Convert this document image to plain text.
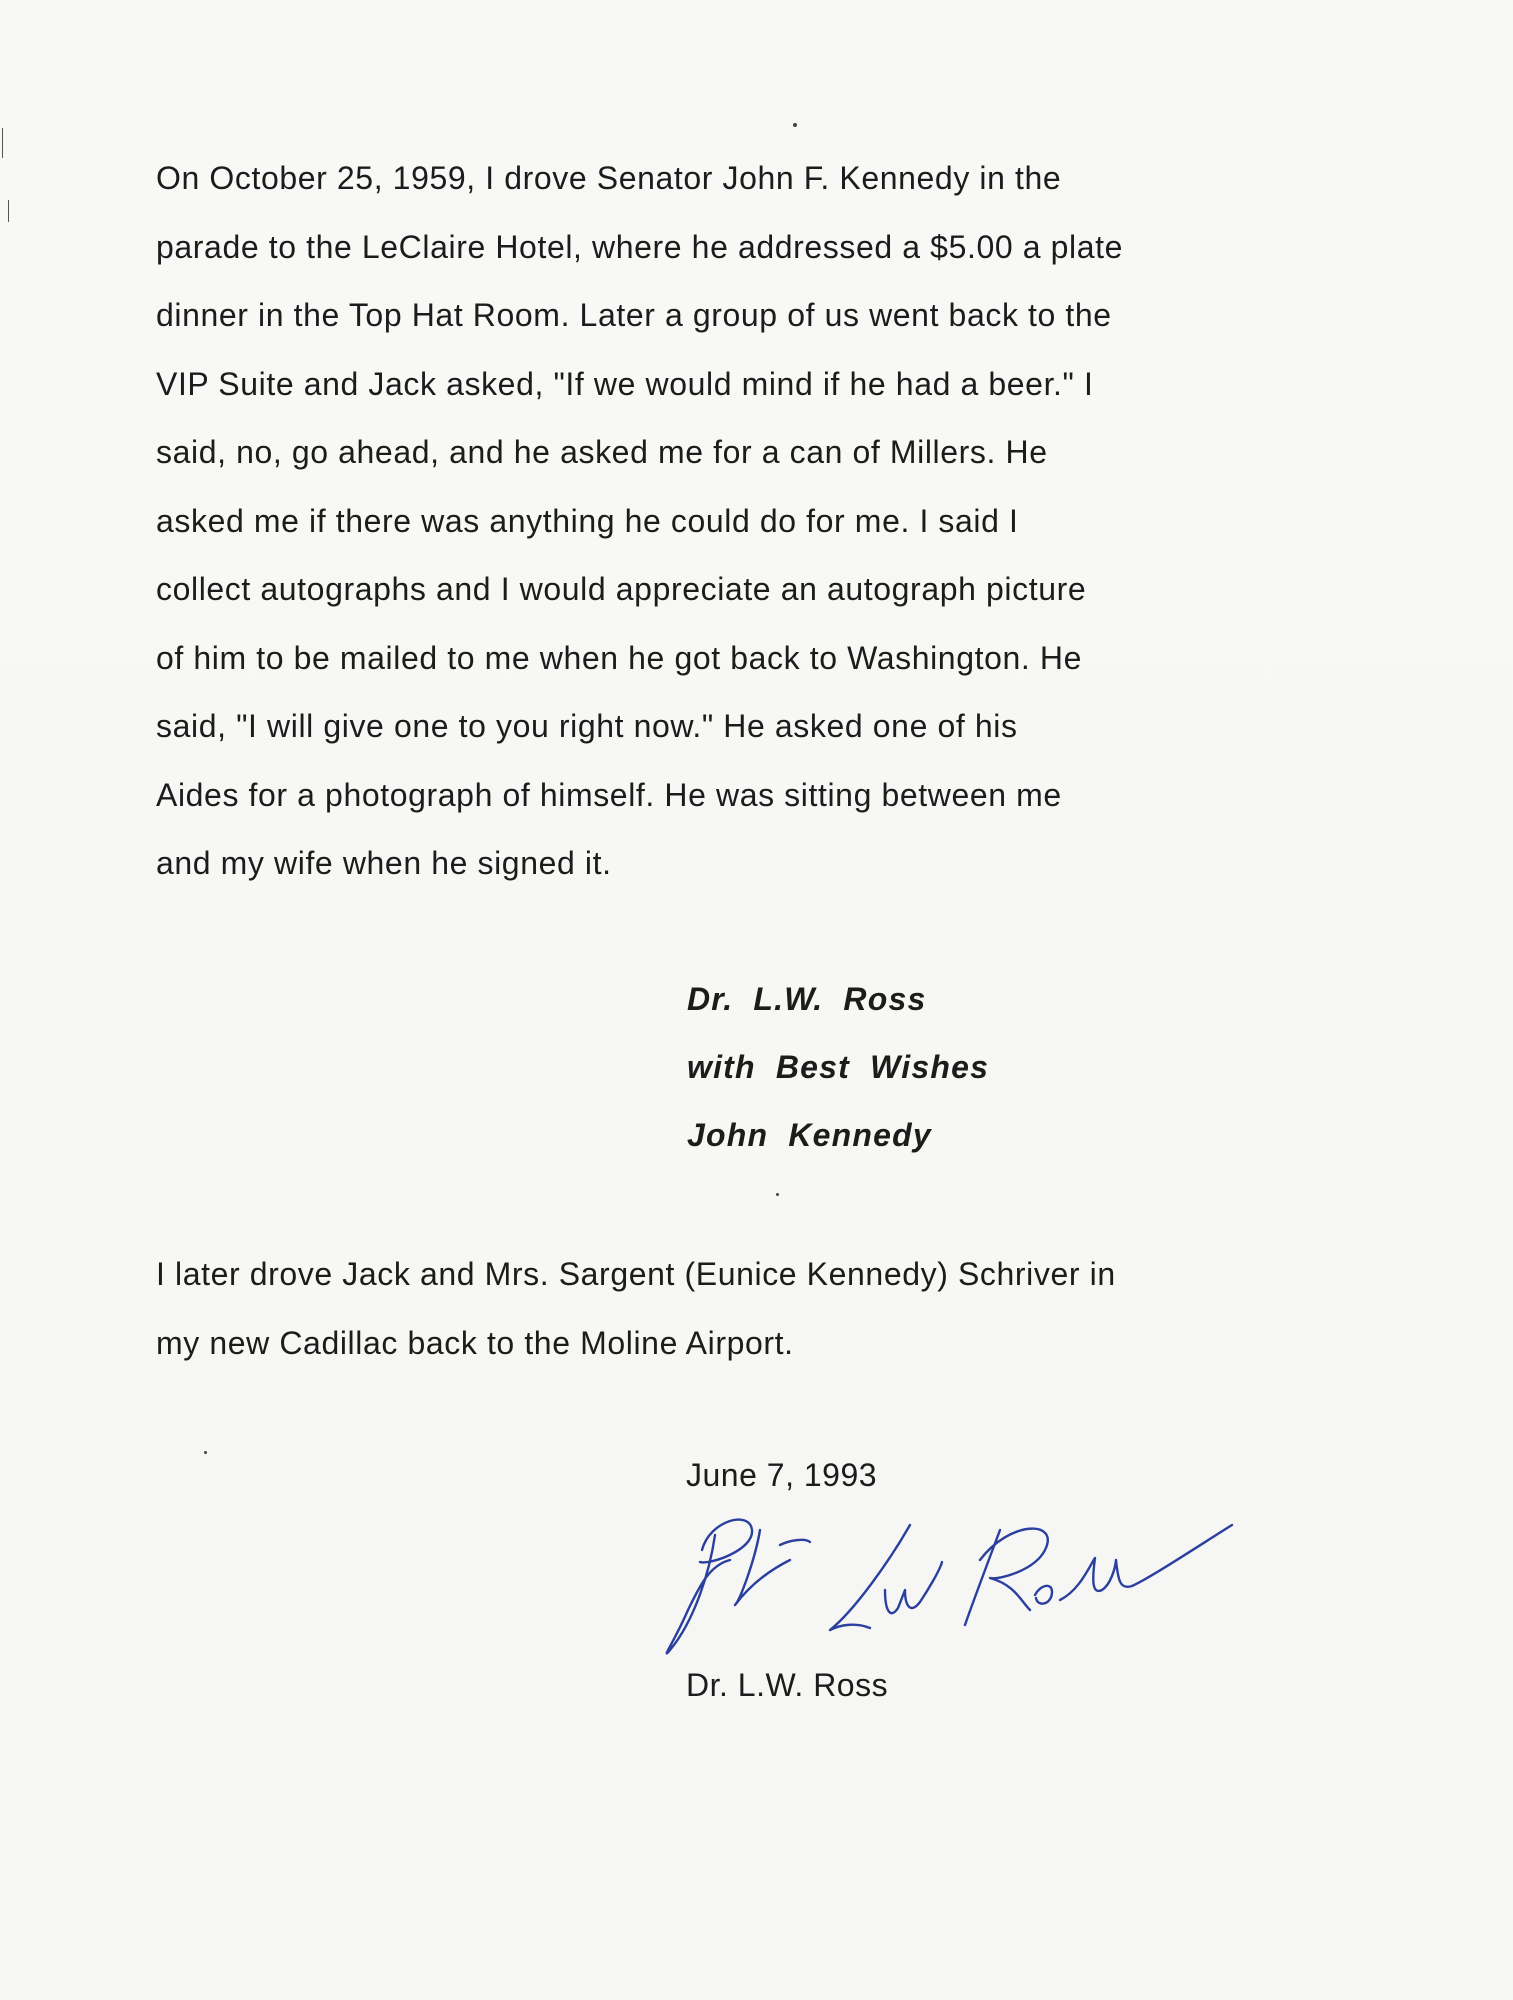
On October 25, 1959, I drove Senator John F. Kennedy in the
parade to the LeClaire Hotel, where he addressed a $5.00 a plate
dinner in the Top Hat Room. Later a group of us went back to the
VIP Suite and Jack asked, "If we would mind if he had a beer." I
said, no, go ahead, and he asked me for a can of Millers. He
asked me if there was anything he could do for me. I said I
collect autographs and I would appreciate an autograph picture
of him to be mailed to me when he got back to Washington. He
said, "I will give one to you right now." He asked one of his
Aides for a photograph of himself. He was sitting between me
and my wife when he signed it.
Dr. L.W. Ross
with Best Wishes
John Kennedy
I later drove Jack and Mrs. Sargent (Eunice Kennedy) Schriver in
my new Cadillac back to the Moline Airport.
June 7, 1993
Dr. L.W. Ross
